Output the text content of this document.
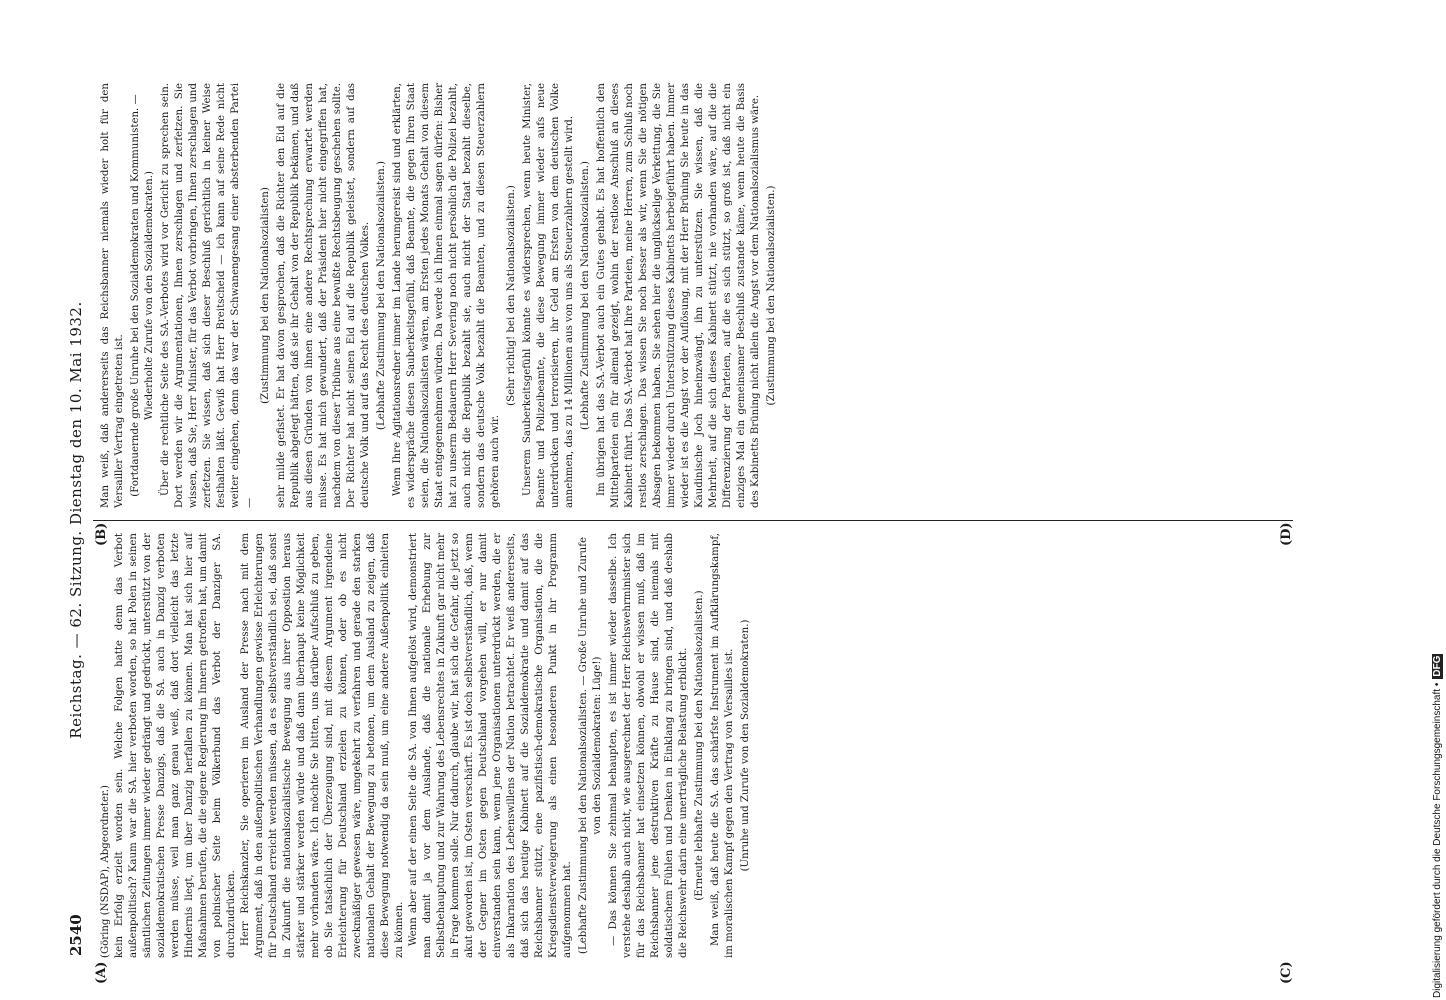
2540
Reichstag. — 62. Sitzung. Dienstag den 10. Mai 1932.

(Göring (NSDAP), Abgeordneter.) kein Erfolg erzielt worden sein. Welche Folgen hatte denn das Verbot außenpolitisch? Kaum war die SA. hier verboten worden, so hat Polen in seinen sämtlichen Zeitungen immer wieder gedrängt und gedrückt, unterstützt von der sozialdemokratischen Presse Danzigs, daß die SA. auch in Danzig verboten werden müsse, weil man ganz genau weiß, daß dort vielleicht das letzte Hindernis liegt, um über Danzig herfallen zu können. Man hat sich hier auf Maßnahmen berufen, die die eigene Regierung im Innern getroffen hat, um damit von polnischer Seite beim Völkerbund das Verbot der Danziger SA. durchzudrücken. Herr Reichskanzler, Sie operieren im Ausland der Presse nach mit dem Argument, daß in den außenpolitischen Verhandlungen gewisse Erleichterungen für Deutschland erreicht werden müssen, da es selbstverständlich sei, daß sonst in Zukunft die nationalsozialistische Bewegung aus ihrer Opposition heraus stärker und stärker werden würde und daß dann überhaupt keine Möglichkeit mehr vorhanden wäre. Ich möchte Sie bitten, uns darüber Aufschluß zu geben, ob Sie tatsächlich der Überzeugung sind, mit diesem Argument irgendeine Erleichterung für Deutschland erzielen zu können, oder ob es nicht zweckmäßiger gewesen wäre, umgekehrt zu verfahren und gerade den starken nationalen Gehalt der Bewegung zu betonen, um dem Ausland zu zeigen, daß diese Bewegung notwendig da sein muß, um eine andere Außenpolitik einleiten zu können. Wenn aber auf der einen Seite die SA. von Ihnen aufgelöst wird, demonstriert man damit ja vor dem Auslande, daß die nationale Erhebung zur Selbstbehauptung und zur Wahrung des Lebensrechtes in Zukunft gar nicht mehr in Frage kommen solle. Nur dadurch, glaube wir, hat sich die Gefahr, die jetzt so akut geworden ist, im Osten verschärft. Es ist doch selbstverständlich, daß, wenn der Gegner im Osten gegen Deutschland vorgehen will, er nur damit einverstanden sein kann, wenn jene Organisationen unterdrückt werden, die er als Inkarnation des Lebenswillens der Nation betrachtet. Er weiß andererseits, daß sich das heutige Kabinett auf die Sozialdemokratie und damit auf das Reichsbanner stützt, eine pazifistisch-demokratische Organisation, die die Kriegsdienstverweigerung als einen besonderen Punkt in ihr Programm aufgenommen hat. (Lebhafte Zustimmung bei den Nationalsozialisten. — Große Unruhe und Zurufe von den Sozialdemokraten: Lüge!) — Das können Sie zehnmal behaupten, es ist immer wieder dasselbe. Ich verstehe deshalb auch nicht, wie ausgerechnet der Herr Reichswehrminister sich für das Reichsbanner hat einsetzen können, obwohl er wissen muß, daß im Reichsbanner jene destruktiven Kräfte zu Hause sind, die niemals mit soldatischem Fühlen und Denken in Einklang zu bringen sind, und daß deshalb die Reichswehr darin eine unerträgliche Belastung erblickt. (Erneute lebhafte Zustimmung bei den Nationalsozialisten.) Man weiß, daß heute die SA. das schärfste Instrument im Aufklärungskampf, im moralischen Kampf gegen den Vertrag von Versailles ist. (Unruhe und Zurufe von den Sozialdemokraten.)

Man weiß, daß andererseits das Reichsbanner niemals wieder holt für den Versailler Vertrag eingetreten ist. (Fortdauernde große Unruhe bei den Sozialdemokraten und Kommunisten. — Wiederholte Zurufe von den Sozialdemokraten.) Über die rechtliche Seite des SA.-Verbotes wird vor Gericht zu sprechen sein. Dort werden wir die Argumentationen, Ihnen zerschlagen und zerfetzen. Sie wissen, daß Sie, Herr Minister, für das Verbot vorbringen, Ihnen zerschlagen und zerfetzen. Sie wissen, daß sich dieser Beschluß gerichtlich in keiner Weise festhalten läßt. Gewiß hat Herr Breitscheid — ich kann auf seine Rede nicht weiter eingehen, denn das war der Schwanengesang einer absterbenden Partei —

(Zustimmung bei den Nationalsozialisten) sehr milde gefistet. Er hat davon gesprochen, daß die Richter den Eid auf die Republik abgelegt hätten, daß sie ihr Gehalt von der Republik bekämen, und daß aus diesen Gründen von ihnen eine andere Rechtsprechung erwartet werden müsse. Es hat mich gewundert, daß der Präsident hier nicht eingegriffen hat, nachdem von dieser Tribüne aus eine bewußte Rechtsbeugung geschehen sollte. Der Richter hat nicht seinen Eid auf die Republik geleistet, sondern auf das deutsche Volk und auf das Recht des deutschen Volkes. (Lebhafte Zustimmung bei den Nationalsozialisten.) Wenn Ihre Agitationsredner immer im Lande herumgereist sind und erklärten, es widerspräche diesen Sauberkeitsgefühl, daß Beamte, die gegen Ihren Staat seien, die Nationalsozialisten wären, am Ersten jedes Monats Gehalt von diesem Staat entgegennehmen würden. Da werde ich Ihnen einmal sagen dürfen: Bisher hat zu unserm Bedauern Herr Severing noch nicht persönlich die Polizei bezahlt, auch nicht die Republik bezahlt sie, auch nicht der Staat bezahlt dieselbe, sondern das deutsche Volk bezahlt die Beamten, und zu diesen Steuerzahlern gehören auch wir.

(Sehr richtig! bei den Nationalsozialisten.) Unserem Sauberkeitsgefühl könnte es widersprechen, wenn heute Minister, Beamte und Polizeibeamte, die diese Bewegung immer wieder aufs neue unterdrücken und terrorisieren, ihr Geld am Ersten von dem deutschen Volke annehmen, das zu 14 Millionen aus von uns als Steuerzahlern gestellt wird. (Lebhafte Zustimmung bei den Nationalsozialisten.) Im übrigen hat das SA.-Verbot auch ein Gutes gehabt. Es hat hoffentlich den Mittelparteien ein für allemal gezeigt, wohin der restlose Anschluß an dieses Kabinett führt. Das SA.-Verbot hat Ihre Parteien, meine Herren, zum Schluß noch restlos zerschlagen. Das wissen Sie noch besser als wir, wenn Sie die nötigen Absagen bekommen haben. Sie sehen hier die unglückselige Verkettung, die Sie immer wieder durch Unterstützung dieses Kabinetts herbeigeführt haben. Immer wieder ist es die Angst vor der Auflösung, mit der Herr Brüning Sie heute in das Kaudinische Joch hineinzwängt, ihn zu unterstützen. Sie wissen, daß die Mehrheit, auf die sich dieses Kabinett stützt, nie vorhanden wäre, auf die die Differenzierung der Parteien, auf die es sich stützt, so groß ist, daß nicht ein einziges Mal ein gemeinsamer Beschluß zustande käme, wenn heute die Basis des Kabinetts Brüning nicht allein die Angst vor dem Nationalsozialismus wäre. (Zustimmung bei den Nationalsozialisten.)

(A)
(B)
(C)
(D)
Digitalisierung gefördert durch die Deutsche Forschungsgemeinschaft •DFG
